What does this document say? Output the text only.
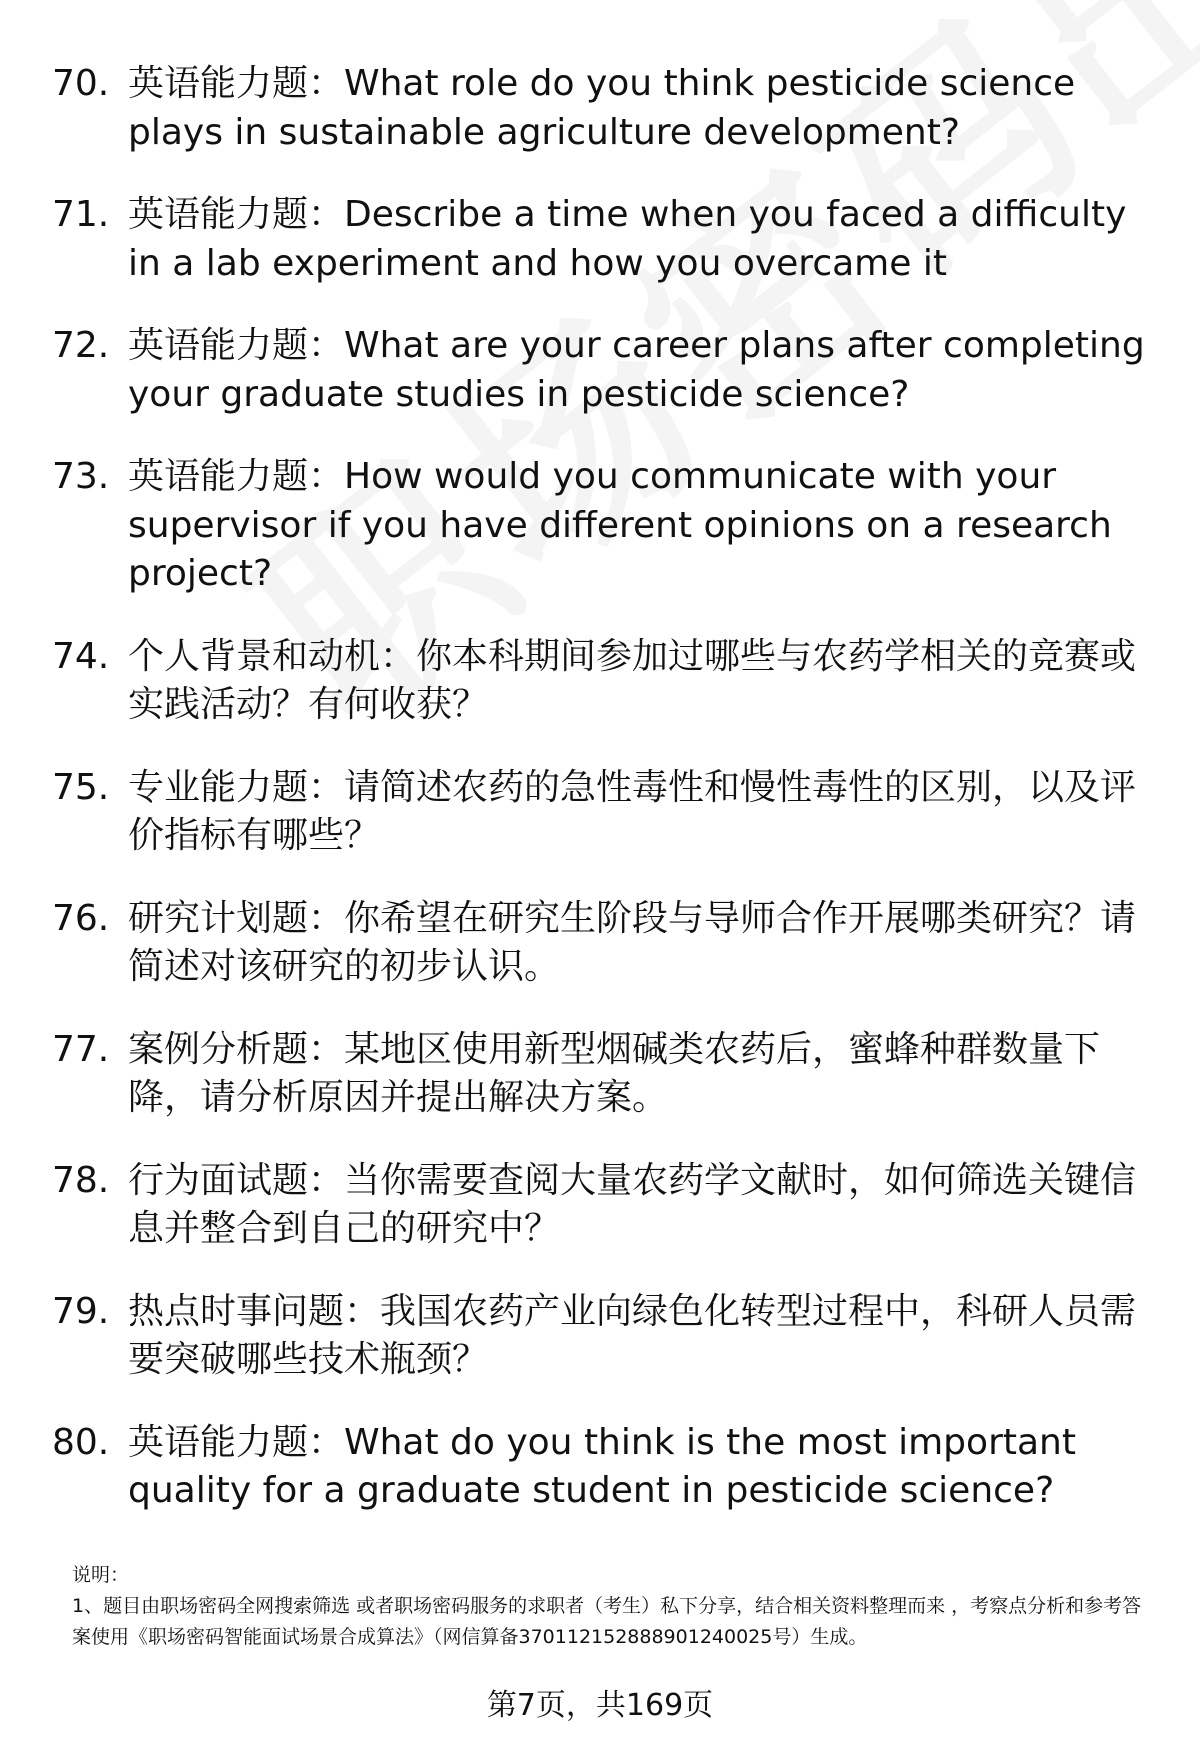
70. 英语能力题：What role do you think pesticide science plays in sustainable agriculture development?
71. 英语能力题：Describe a time when you faced a difficulty in a lab experiment and how you overcame it
72. 英语能力题：What are your career plans after completing your graduate studies in pesticide science?
73. 英语能力题：How would you communicate with your supervisor if you have different opinions on a research project?
74. 个人背景和动机：你本科期间参加过哪些与农药学相关的竞赛或实践活动？有何收获？
75. 专业能力题：请简述农药的急性毒性和慢性毒性的区别，以及评价指标有哪些？
76. 研究计划题：你希望在研究生阶段与导师合作开展哪类研究？请简述对该研究的初步认识。
77. 案例分析题：某地区使用新型烟碱类农药后，蜜蜂种群数量下降，请分析原因并提出解决方案。
78. 行为面试题：当你需要查阅大量农药学文献时，如何筛选关键信息并整合到自己的研究中？
79. 热点时事问题：我国农药产业向绿色化转型过程中，科研人员需要突破哪些技术瓶颈？
80. 英语能力题：What do you think is the most important quality for a graduate student in pesticide science?
说明：
1、题目由职场密码全网搜索筛选 或者职场密码服务的求职者（考生）私下分享，结合相关资料整理而来 ，考察点分析和参考答案使用《职场密码智能面试场景合成算法》（网信算备370112152888901240025号）生成。
第7页，共169页
